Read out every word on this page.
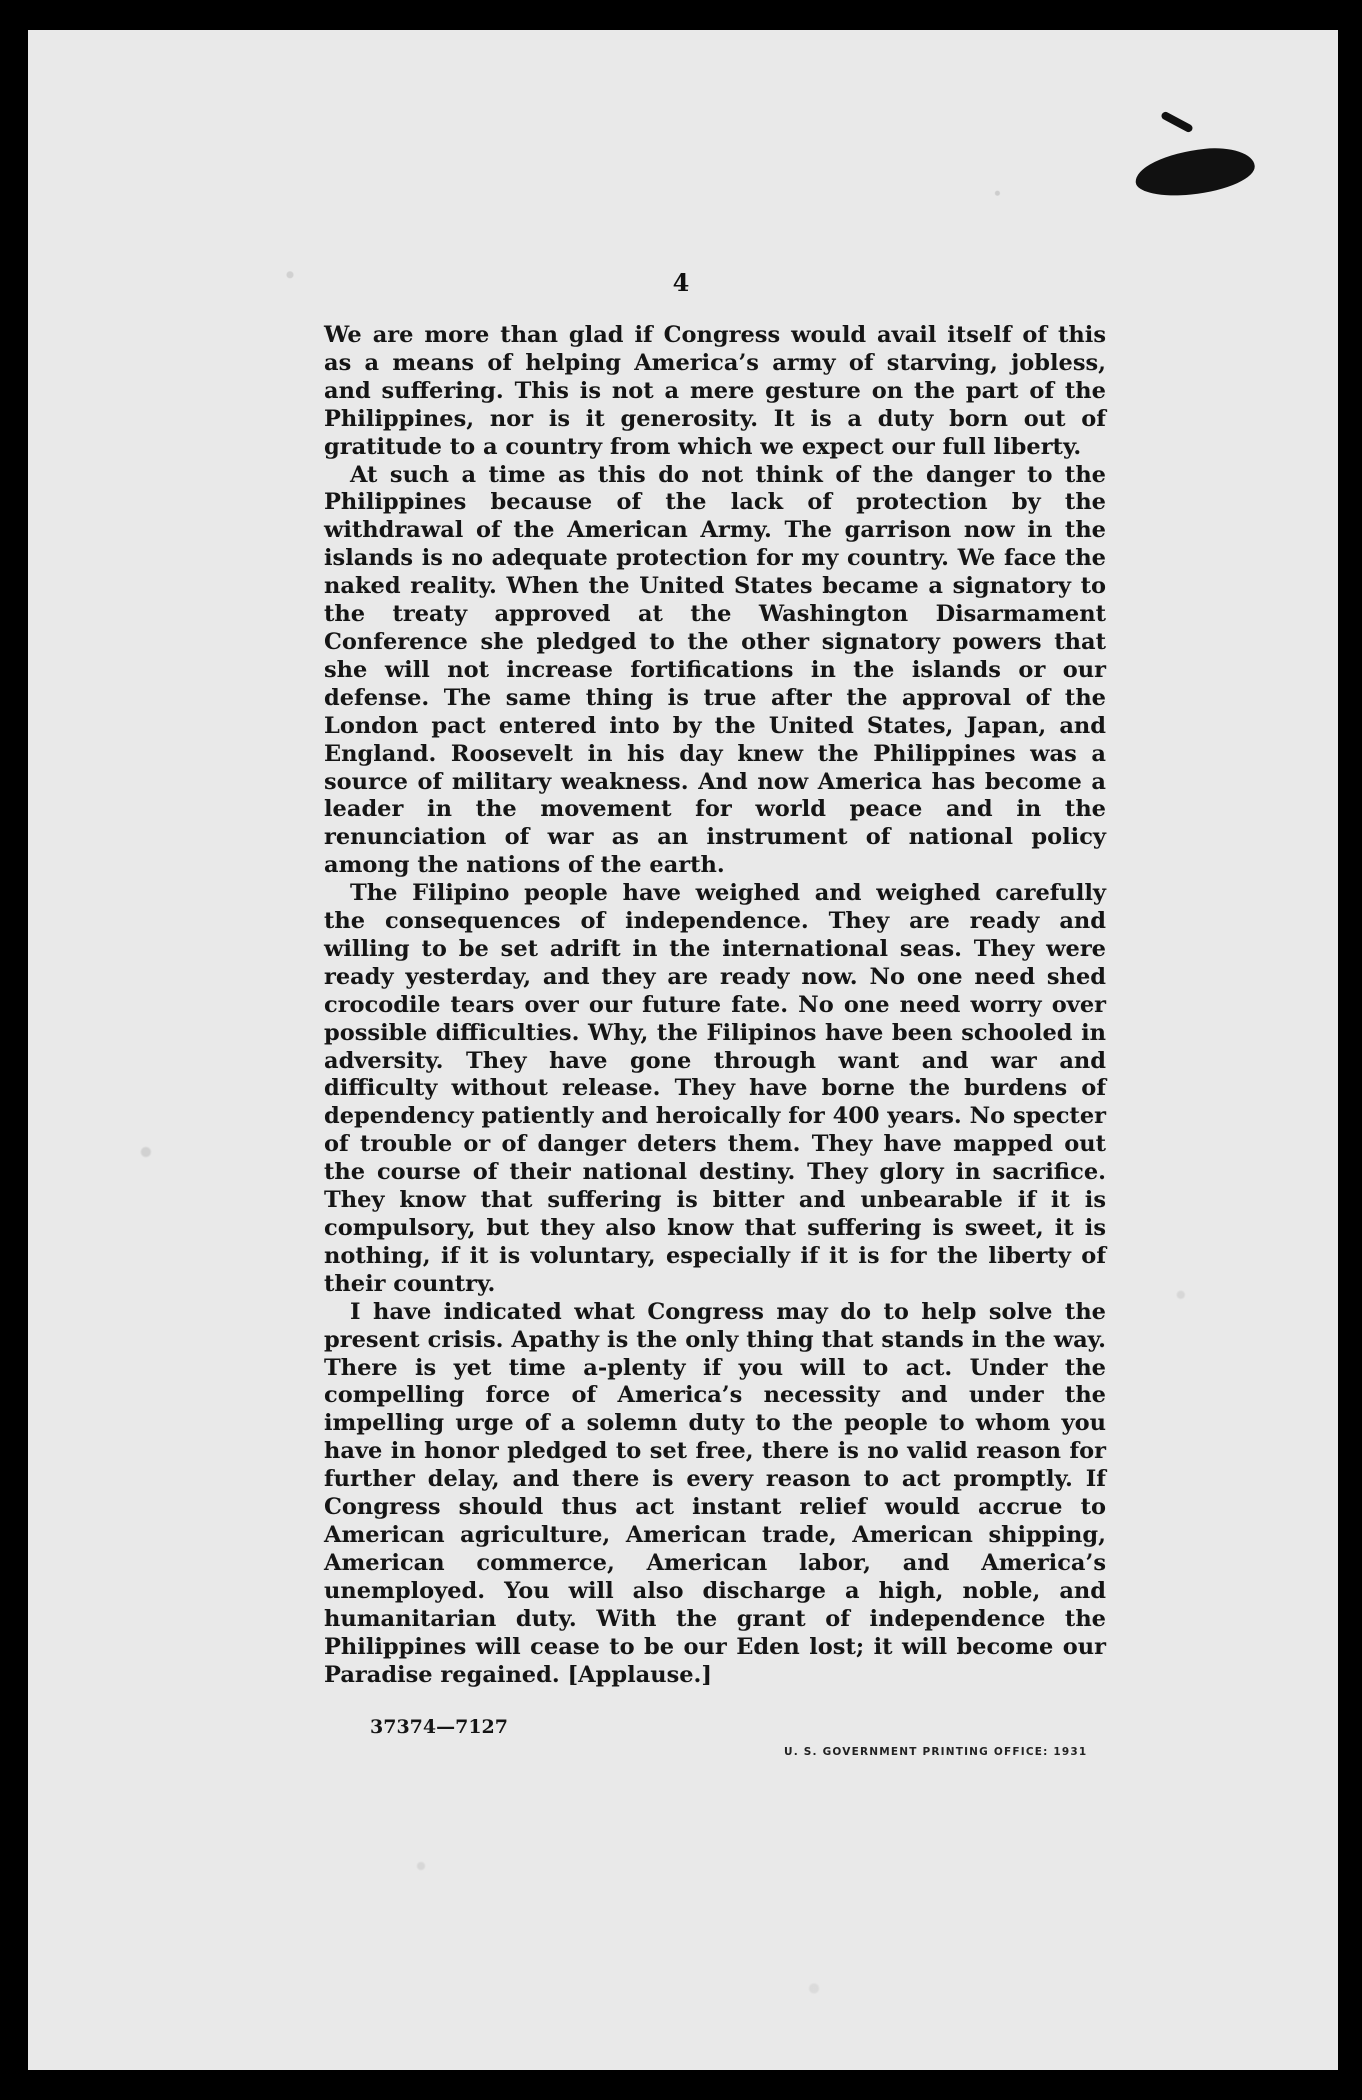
4

We are more than glad if Congress would avail itself of this as a means of helping America’s army of starving, jobless, and suffering. This is not a mere gesture on the part of the Philippines, nor is it generosity. It is a duty born out of gratitude to a country from which we expect our full liberty.

At such a time as this do not think of the danger to the Philippines because of the lack of protection by the withdrawal of the American Army. The garrison now in the islands is no adequate protection for my country. We face the naked reality. When the United States became a signatory to the treaty approved at the Washington Disarmament Conference she pledged to the other signatory powers that she will not increase fortifications in the islands or our defense. The same thing is true after the approval of the London pact entered into by the United States, Japan, and England. Roosevelt in his day knew the Philippines was a source of military weakness. And now America has become a leader in the movement for world peace and in the renunciation of war as an instrument of national policy among the nations of the earth.

The Filipino people have weighed and weighed carefully the consequences of independence. They are ready and willing to be set adrift in the international seas. They were ready yesterday, and they are ready now. No one need shed crocodile tears over our future fate. No one need worry over possible difficulties. Why, the Filipinos have been schooled in adversity. They have gone through want and war and difficulty without release. They have borne the burdens of dependency patiently and heroically for 400 years. No specter of trouble or of danger deters them. They have mapped out the course of their national destiny. They glory in sacrifice. They know that suffering is bitter and unbearable if it is compulsory, but they also know that suffering is sweet, it is nothing, if it is voluntary, especially if it is for the liberty of their country.

I have indicated what Congress may do to help solve the present crisis. Apathy is the only thing that stands in the way. There is yet time a-plenty if you will to act. Under the compelling force of America’s necessity and under the impelling urge of a solemn duty to the people to whom you have in honor pledged to set free, there is no valid reason for further delay, and there is every reason to act promptly. If Congress should thus act instant relief would accrue to American agriculture, American trade, American shipping, American commerce, American labor, and America’s unemployed. You will also discharge a high, noble, and humanitarian duty. With the grant of independence the Philippines will cease to be our Eden lost; it will become our Paradise regained. [Applause.]

37374—7127
U. S. GOVERNMENT PRINTING OFFICE: 1931
